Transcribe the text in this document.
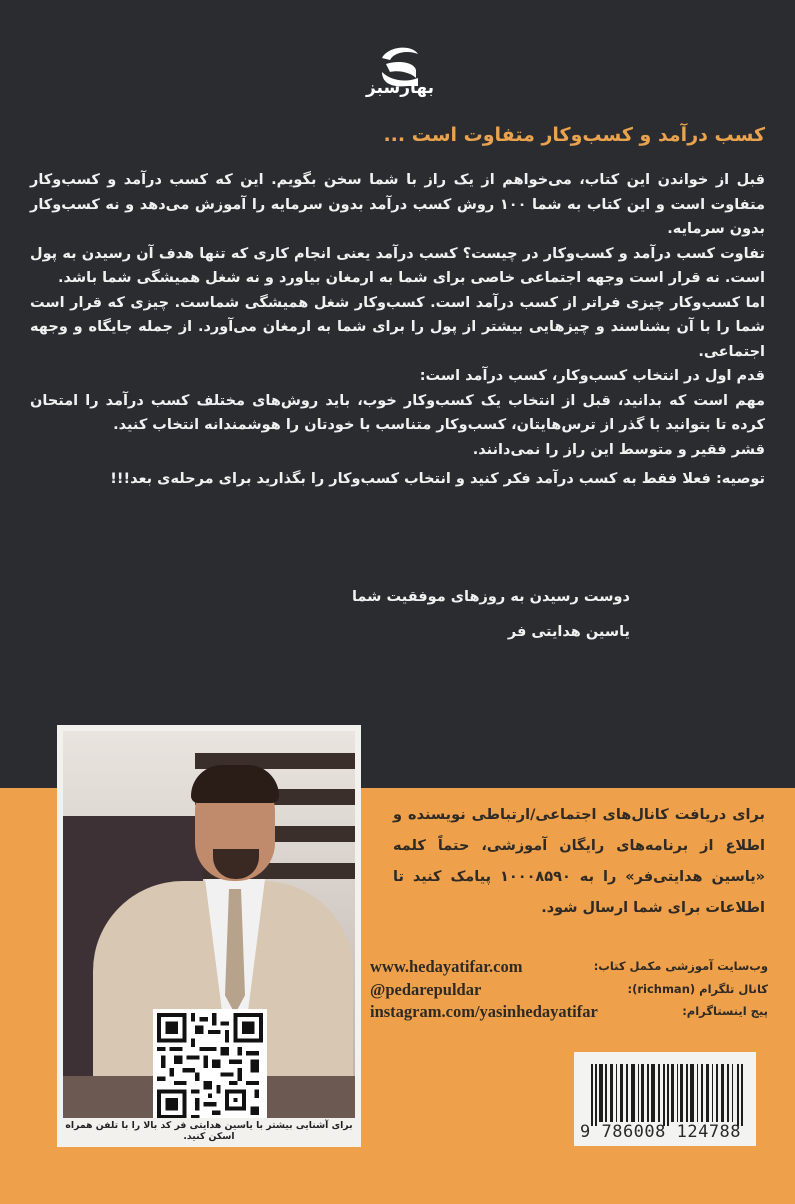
بهارسبز
کسب درآمد و کسب‌وکار متفاوت است ...

قبل از خواندن این کتاب، می‌خواهم از یک راز با شما سخن بگویم. این که کسب درآمد و کسب‌وکار متفاوت است و این کتاب به شما ۱۰۰ روش کسب درآمد بدون سرمایه را آموزش می‌دهد و نه کسب‌وکار بدون سرمایه.

تفاوت کسب درآمد و کسب‌وکار در چیست؟ کسب درآمد یعنی انجام کاری که تنها هدف آن رسیدن به پول است. نه قرار است وجهه اجتماعی خاصی برای شما به ارمغان بیاورد و نه شغل همیشگی شما باشد.

اما کسب‌وکار چیزی فراتر از کسب درآمد است. کسب‌وکار شغل همیشگی شماست. چیزی که قرار است شما را با آن بشناسند و چیزهایی بیشتر از پول را برای شما به ارمغان می‌آورد. از جمله جایگاه و وجهه اجتماعی.

قدم اول در انتخاب کسب‌وکار، کسب درآمد است:

مهم است که بدانید، قبل از انتخاب یک کسب‌وکار خوب، باید روش‌های مختلف کسب درآمد را امتحان کرده تا بتوانید با گذر از ترس‌هایتان، کسب‌وکار متناسب با خودتان را هوشمندانه انتخاب کنید.

قشر فقیر و متوسط این راز را نمی‌دانند.

توصیه: فعلا فقط به کسب درآمد فکر کنید و انتخاب کسب‌وکار را بگذارید برای مرحله‌ی بعد!!!

دوست رسیدن به روزهای موفقیت شما
یاسین هدایتی فر
برای آشنایی بیشتر با یاسین هدایتی فر کد بالا را با تلفن همراه اسکن کنید.
برای دریافت کانال‌های اجتماعی/ارتباطی نویسنده و اطلاع از برنامه‌های رایگان آموزشی، حتماً کلمه «یاسین هدایتی‌فر» را به ۱۰۰۰۸۵۹۰ پیامک کنید تا اطلاعات برای شما ارسال شود.
وب‌سایت آموزشی مکمل کتاب:
www.hedayatifar.com
کانال تلگرام (richman):
@pedarepuldar
پیج اینستاگرام:
instagram.com/yasinhedayatifar
9 786008 124788
